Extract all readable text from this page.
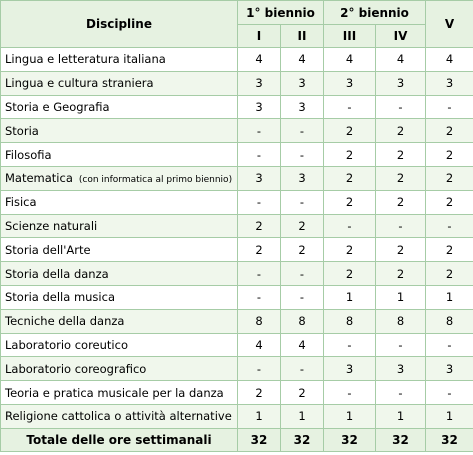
Discipline	1° biennio		2° biennio		V
	I	II	III	IV	
Lingua e letteratura italiana	4	4	4	4	4
Lingua e cultura straniera	3	3	3	3	3
Storia e Geografia	3	3	-	-	-
Storia	-	-	2	2	2
Filosofia	-	-	2	2	2
Matematica (con informatica al primo biennio)	3	3	2	2	2
Fisica	-	-	2	2	2
Scienze naturali	2	2	-	-	-
Storia dell'Arte	2	2	2	2	2
Storia della danza	-	-	2	2	2
Storia della musica	-	-	1	1	1
Tecniche della danza	8	8	8	8	8
Laboratorio coreutico	4	4	-	-	-
Laboratorio coreografico	-	-	3	3	3
Teoria e pratica musicale per la danza	2	2	-	-	-
Religione cattolica o attività alternative	1	1	1	1	1
Totale delle ore settimanali	32	32	32	32	32
